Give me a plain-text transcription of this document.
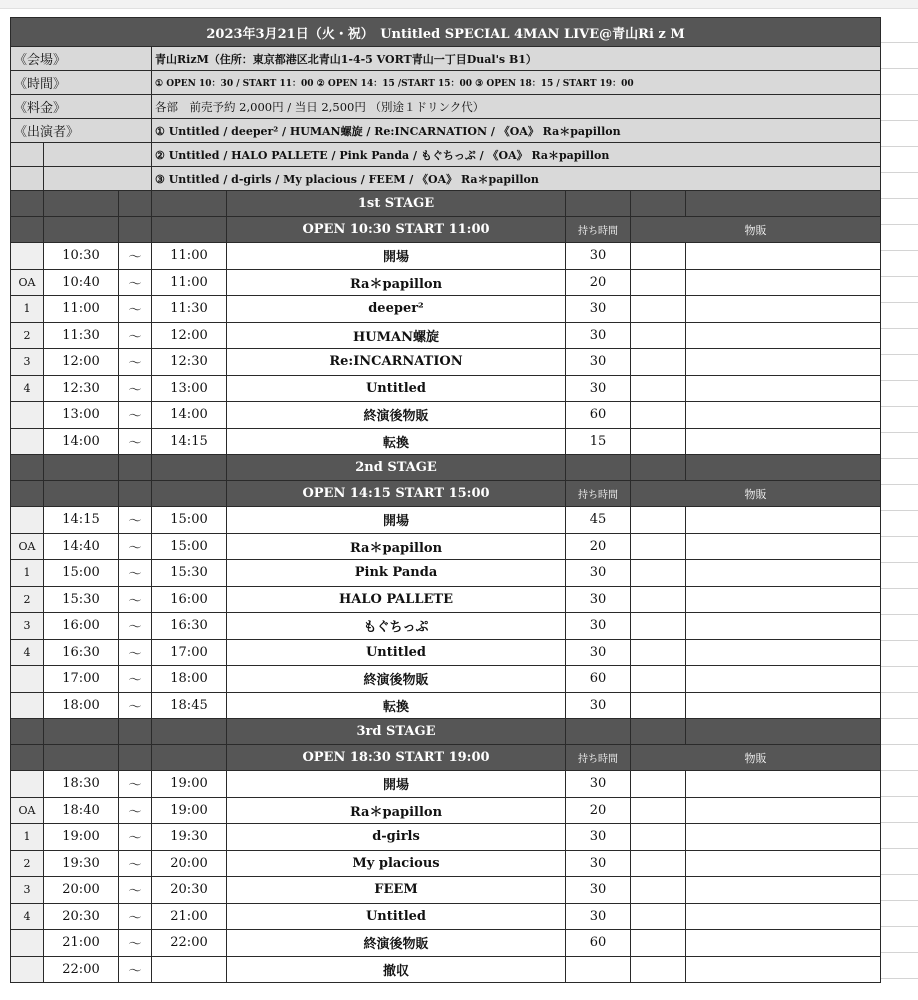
2023年3月21日（火・祝）　Untitled SPECIAL 4MAN LIVE@青山Ri z M							
《会場》			青山RizM（住所：東京都港区北青山1-4-5 VORT青山一丁目Dual's B1）				
《時間》			① OPEN 10：30 / START 11：00 ② OPEN 14：15 /START 15：00 ③ OPEN 18：15 / START 19：00				
《料金》			各部　前売予約 2,000円 / 当日 2,500円 （別途１ドリンク代）				
《出演者》			① Untitled / deeper² / HUMAN螺旋 / Re:INCARNATION / 《OA》 Ra＊papillon				
			② Untitled / HALO PALLETE / Pink Panda / もぐちっぷ / 《OA》 Ra＊papillon				
			③ Untitled / d-girls / My placious / FEEM / 《OA》 Ra＊papillon				
				1st STAGE			
				OPEN 10:30 START 11:00	持ち時間	物販	
	10:30	～	11:00	開場	30		
OA	10:40	～	11:00	Ra＊papillon	20		
1	11:00	～	11:30	deeper²	30		
2	11:30	～	12:00	HUMAN螺旋	30		
3	12:00	～	12:30	Re:INCARNATION	30		
4	12:30	～	13:00	Untitled	30		
	13:00	～	14:00	終演後物販	60		
	14:00	～	14:15	転換	15		
				2nd STAGE			
				OPEN 14:15 START 15:00	持ち時間	物販	
	14:15	～	15:00	開場	45		
OA	14:40	～	15:00	Ra＊papillon	20		
1	15:00	～	15:30	Pink Panda	30		
2	15:30	～	16:00	HALO PALLETE	30		
3	16:00	～	16:30	もぐちっぷ	30		
4	16:30	～	17:00	Untitled	30		
	17:00	～	18:00	終演後物販	60		
	18:00	～	18:45	転換	30		
				3rd STAGE			
				OPEN 18:30 START 19:00	持ち時間	物販	
	18:30	～	19:00	開場	30		
OA	18:40	～	19:00	Ra＊papillon	20		
1	19:00	～	19:30	d-girls	30		
2	19:30	～	20:00	My placious	30		
3	20:00	～	20:30	FEEM	30		
4	20:30	～	21:00	Untitled	30		
	21:00	～	22:00	終演後物販	60		
	22:00	～		撤収			
